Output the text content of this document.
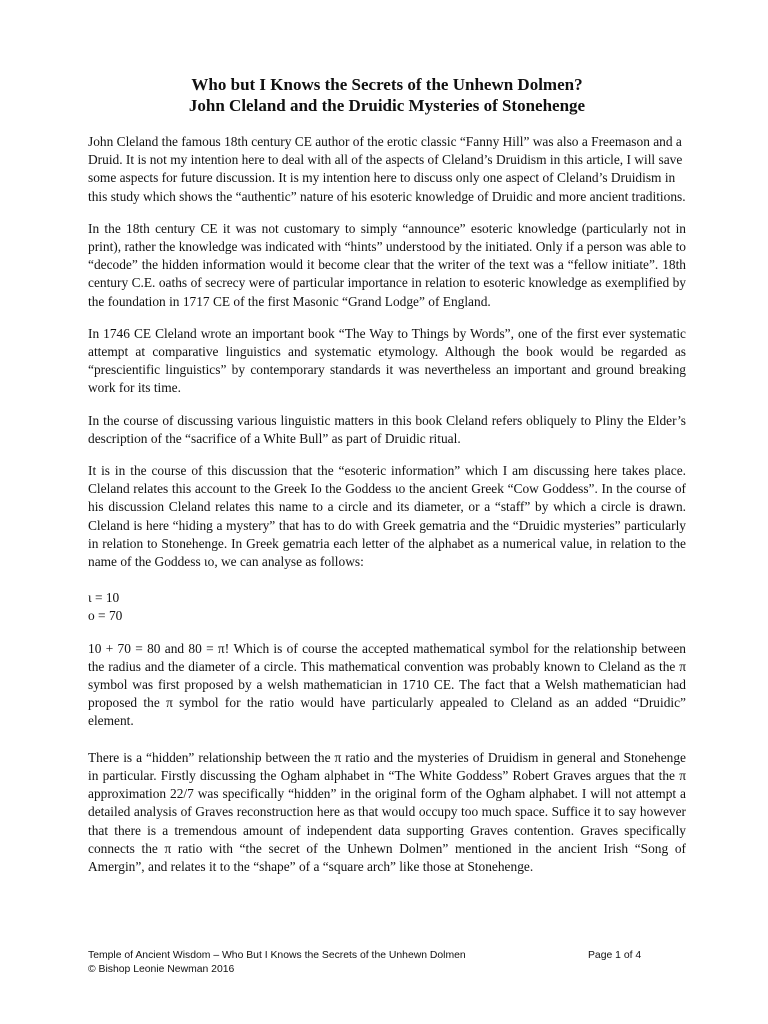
Who but I Knows the Secrets of the Unhewn Dolmen?

John Cleland and the Druidic Mysteries of Stonehenge

John Cleland the famous 18th century CE author of the erotic classic “Fanny Hill” was also a Freemason and a Druid. It is not my intention here to deal with all of the aspects of Cleland’s Druidism in this article, I will save some aspects for future discussion. It is my intention here to discuss only one aspect of Cleland’s Druidism in this study which shows the “authentic” nature of his esoteric knowledge of Druidic and more ancient traditions.

In the 18th century CE it was not customary to simply “announce” esoteric knowledge (particularly not in print), rather the knowledge was indicated with “hints” understood by the initiated. Only if a person was able to “decode” the hidden information would it become clear that the writer of the text was a “fellow initiate”. 18th century C.E. oaths of secrecy were of particular importance in relation to esoteric knowledge as exemplified by the foundation in 1717 CE of the first Masonic “Grand Lodge” of England.

In 1746 CE Cleland wrote an important book “The Way to Things by Words”, one of the first ever systematic attempt at comparative linguistics and systematic etymology. Although the book would be regarded as “prescientific linguistics” by contemporary standards it was nevertheless an important and ground breaking work for its time.

In the course of discussing various linguistic matters in this book Cleland refers obliquely to Pliny the Elder’s description of the “sacrifice of a White Bull” as part of Druidic ritual.

It is in the course of this discussion that the “esoteric information” which I am discussing here takes place. Cleland relates this account to the Greek Iο the Goddess ιο the ancient Greek “Cow Goddess”. In the course of his discussion Cleland relates this name to a circle and its diameter, or a “staff” by which a circle is drawn. Cleland is here “hiding a mystery” that has to do with Greek gematria and the “Druidic mysteries” particularly in relation to Stonehenge. In Greek gematria each letter of the alphabet as a numerical value, in relation to the name of the Goddess ιο, we can analyse as follows:

ι = 10

ο = 70

10 + 70 = 80 and 80 = π! Which is of course the accepted mathematical symbol for the relationship between the radius and the diameter of a circle. This mathematical convention was probably known to Cleland as the π symbol was first proposed by a welsh mathematician in 1710 CE. The fact that a Welsh mathematician had proposed the π symbol for the ratio would have particularly appealed to Cleland as an added “Druidic” element.

There is a “hidden” relationship between the π ratio and the mysteries of Druidism in general and Stonehenge in particular. Firstly discussing the Ogham alphabet in “The White Goddess” Robert Graves argues that the π approximation 22/7 was specifically “hidden” in the original form of the Ogham alphabet. I will not attempt a detailed analysis of Graves reconstruction here as that would occupy too much space. Suffice it to say however that there is a tremendous amount of independent data supporting Graves contention. Graves specifically connects the π ratio with “the secret of the Unhewn Dolmen” mentioned in the ancient Irish “Song of Amergin”, and relates it to the “shape” of a “square arch” like those at Stonehenge.

Temple of Ancient Wisdom – Who But I Knows the Secrets of the Unhewn Dolmen	Page 1 of 4
© Bishop Leonie Newman 2016
